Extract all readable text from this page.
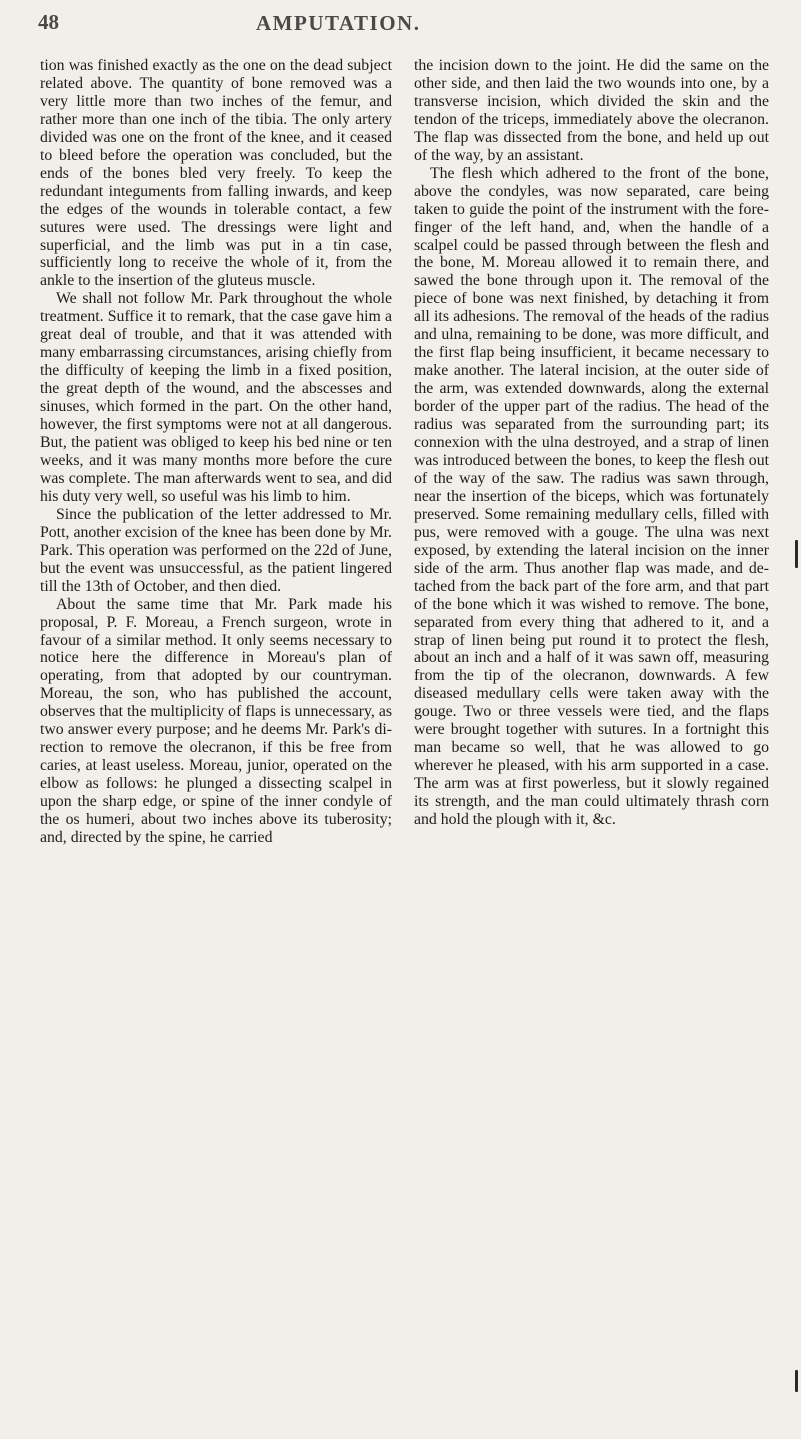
48	AMPUTATION.

tion was finished exactly as the one on the dead subject related above. The quantity of bone removed was a very little more than two inches of the femur, and rather more than one inch of the tibia. The only artery divided was one on the front of the knee, and it ceased to bleed before the operation was concluded, but the ends of the bones bled very freely. To keep the redundant integuments from falling inwards, and keep the edges of the wounds in tolerable contact, a few sutures were used. The dressings were light and superficial, and the limb was put in a tin case, sufficiently long to receive the whole of it, from the ankle to the insertion of the gluteus muscle.

We shall not follow Mr. Park throughout the whole treatment. Suffice it to remark, that the case gave him a great deal of trouble, and that it was attended with many embarrassing circumstances, arising chiefly from the difficulty of keeping the limb in a fixed position, the great depth of the wound, and the abscesses and sinuses, which formed in the part. On the other hand, however, the first symptoms were not at all dangerous. But, the patient was obliged to keep his bed nine or ten weeks, and it was many months more before the cure was complete. The man afterwards went to sea, and did his duty very well, so useful was his limb to him.

Since the publication of the letter addressed to Mr. Pott, another excision of the knee has been done by Mr. Park. This operation was performed on the 22d of June, but the event was unsuccessful, as the patient lingered till the 13th of October, and then died.

About the same time that Mr. Park made his proposal, P. F. Moreau, a French surgeon, wrote in favour of a similar method. It only seems necessary to notice here the difference in Moreau's plan of operating, from that adopted by our countryman. Moreau, the son, who has published the account, observes that the multiplicity of flaps is unnecessary, as two answer every purpose; and he deems Mr. Park's direction to remove the olecranon, if this be free from caries, at least useless. Moreau, junior, operated on the elbow as follows: he plunged a dissecting scalpel in upon the sharp edge, or spine of the inner condyle of the os humeri, about two inches above its tuberosity; and, directed by the spine, he carried

the incision down to the joint. He did the same on the other side, and then laid the two wounds into one, by a transverse incision, which divided the skin and the tendon of the triceps, immediately above the olecranon. The flap was dissected from the bone, and held up out of the way, by an assistant.

The flesh which adhered to the front of the bone, above the condyles, was now separated, care being taken to guide the point of the instrument with the fore-finger of the left hand, and, when the handle of a scalpel could be passed through between the flesh and the bone, M. Moreau allowed it to remain there, and sawed the bone through upon it. The removal of the piece of bone was next finished, by detaching it from all its adhesions. The removal of the heads of the radius and ulna, remaining to be done, was more difficult, and the first flap being insufficient, it became necessary to make another. The lateral incision, at the outer side of the arm, was extended downwards, along the external border of the upper part of the radius. The head of the radius was separated from the surrounding part; its connexion with the ulna destroyed, and a strap of linen was introduced between the bones, to keep the flesh out of the way of the saw. The radius was sawn through, near the insertion of the biceps, which was fortunately preserved. Some remaining medullary cells, filled with pus, were removed with a gouge. The ulna was next exposed, by extending the lateral incision on the inner side of the arm. Thus another flap was made, and detached from the back part of the fore arm, and that part of the bone which it was wished to remove. The bone, separated from every thing that adhered to it, and a strap of linen being put round it to protect the flesh, about an inch and a half of it was sawn off, measuring from the tip of the olecranon, downwards. A few diseased medullary cells were taken away with the gouge. Two or three vessels were tied, and the flaps were brought together with sutures. In a fortnight this man became so well, that he was allowed to go wherever he pleased, with his arm supported in a case. The arm was at first powerless, but it slowly regained its strength, and the man could ultimately thrash corn and hold the plough with it, &c.
